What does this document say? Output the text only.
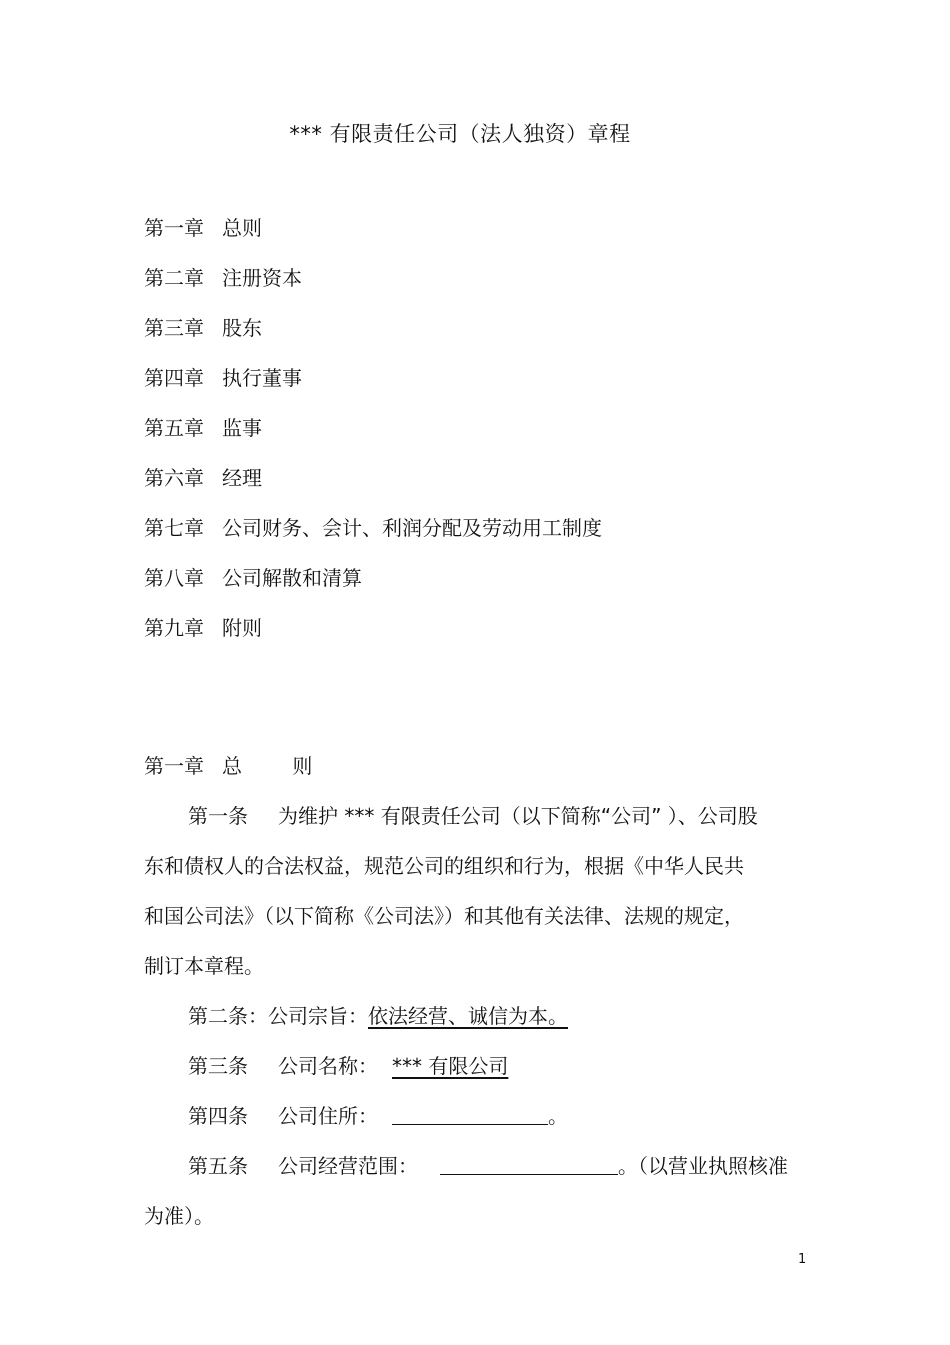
*** 有限责任公司（法人独资）章程
第一章 总则
第二章 注册资本
第三章 股东
第四章 执行董事
第五章 监事
第六章 经理
第七章 公司财务、会计、利润分配及劳动用工制度
第八章 公司解散和清算
第九章 附则
第一章 总 则
第一条 为维护 *** 有限责任公司（以下简称“公司” ）、公司股
东和债权人的合法权益，规范公司的组织和行为，根据《中华人民共
和国公司法》（以下简称《公司法》）和其他有关法律、法规的规定，
制订本章程。
第二条：公司宗旨：依法经营、诚信为本。
第三条 公司名称： *** 有限公司
第四条 公司住所：	。
第五条 公司经营范围：	。（以营业执照核准
为准）。
1
